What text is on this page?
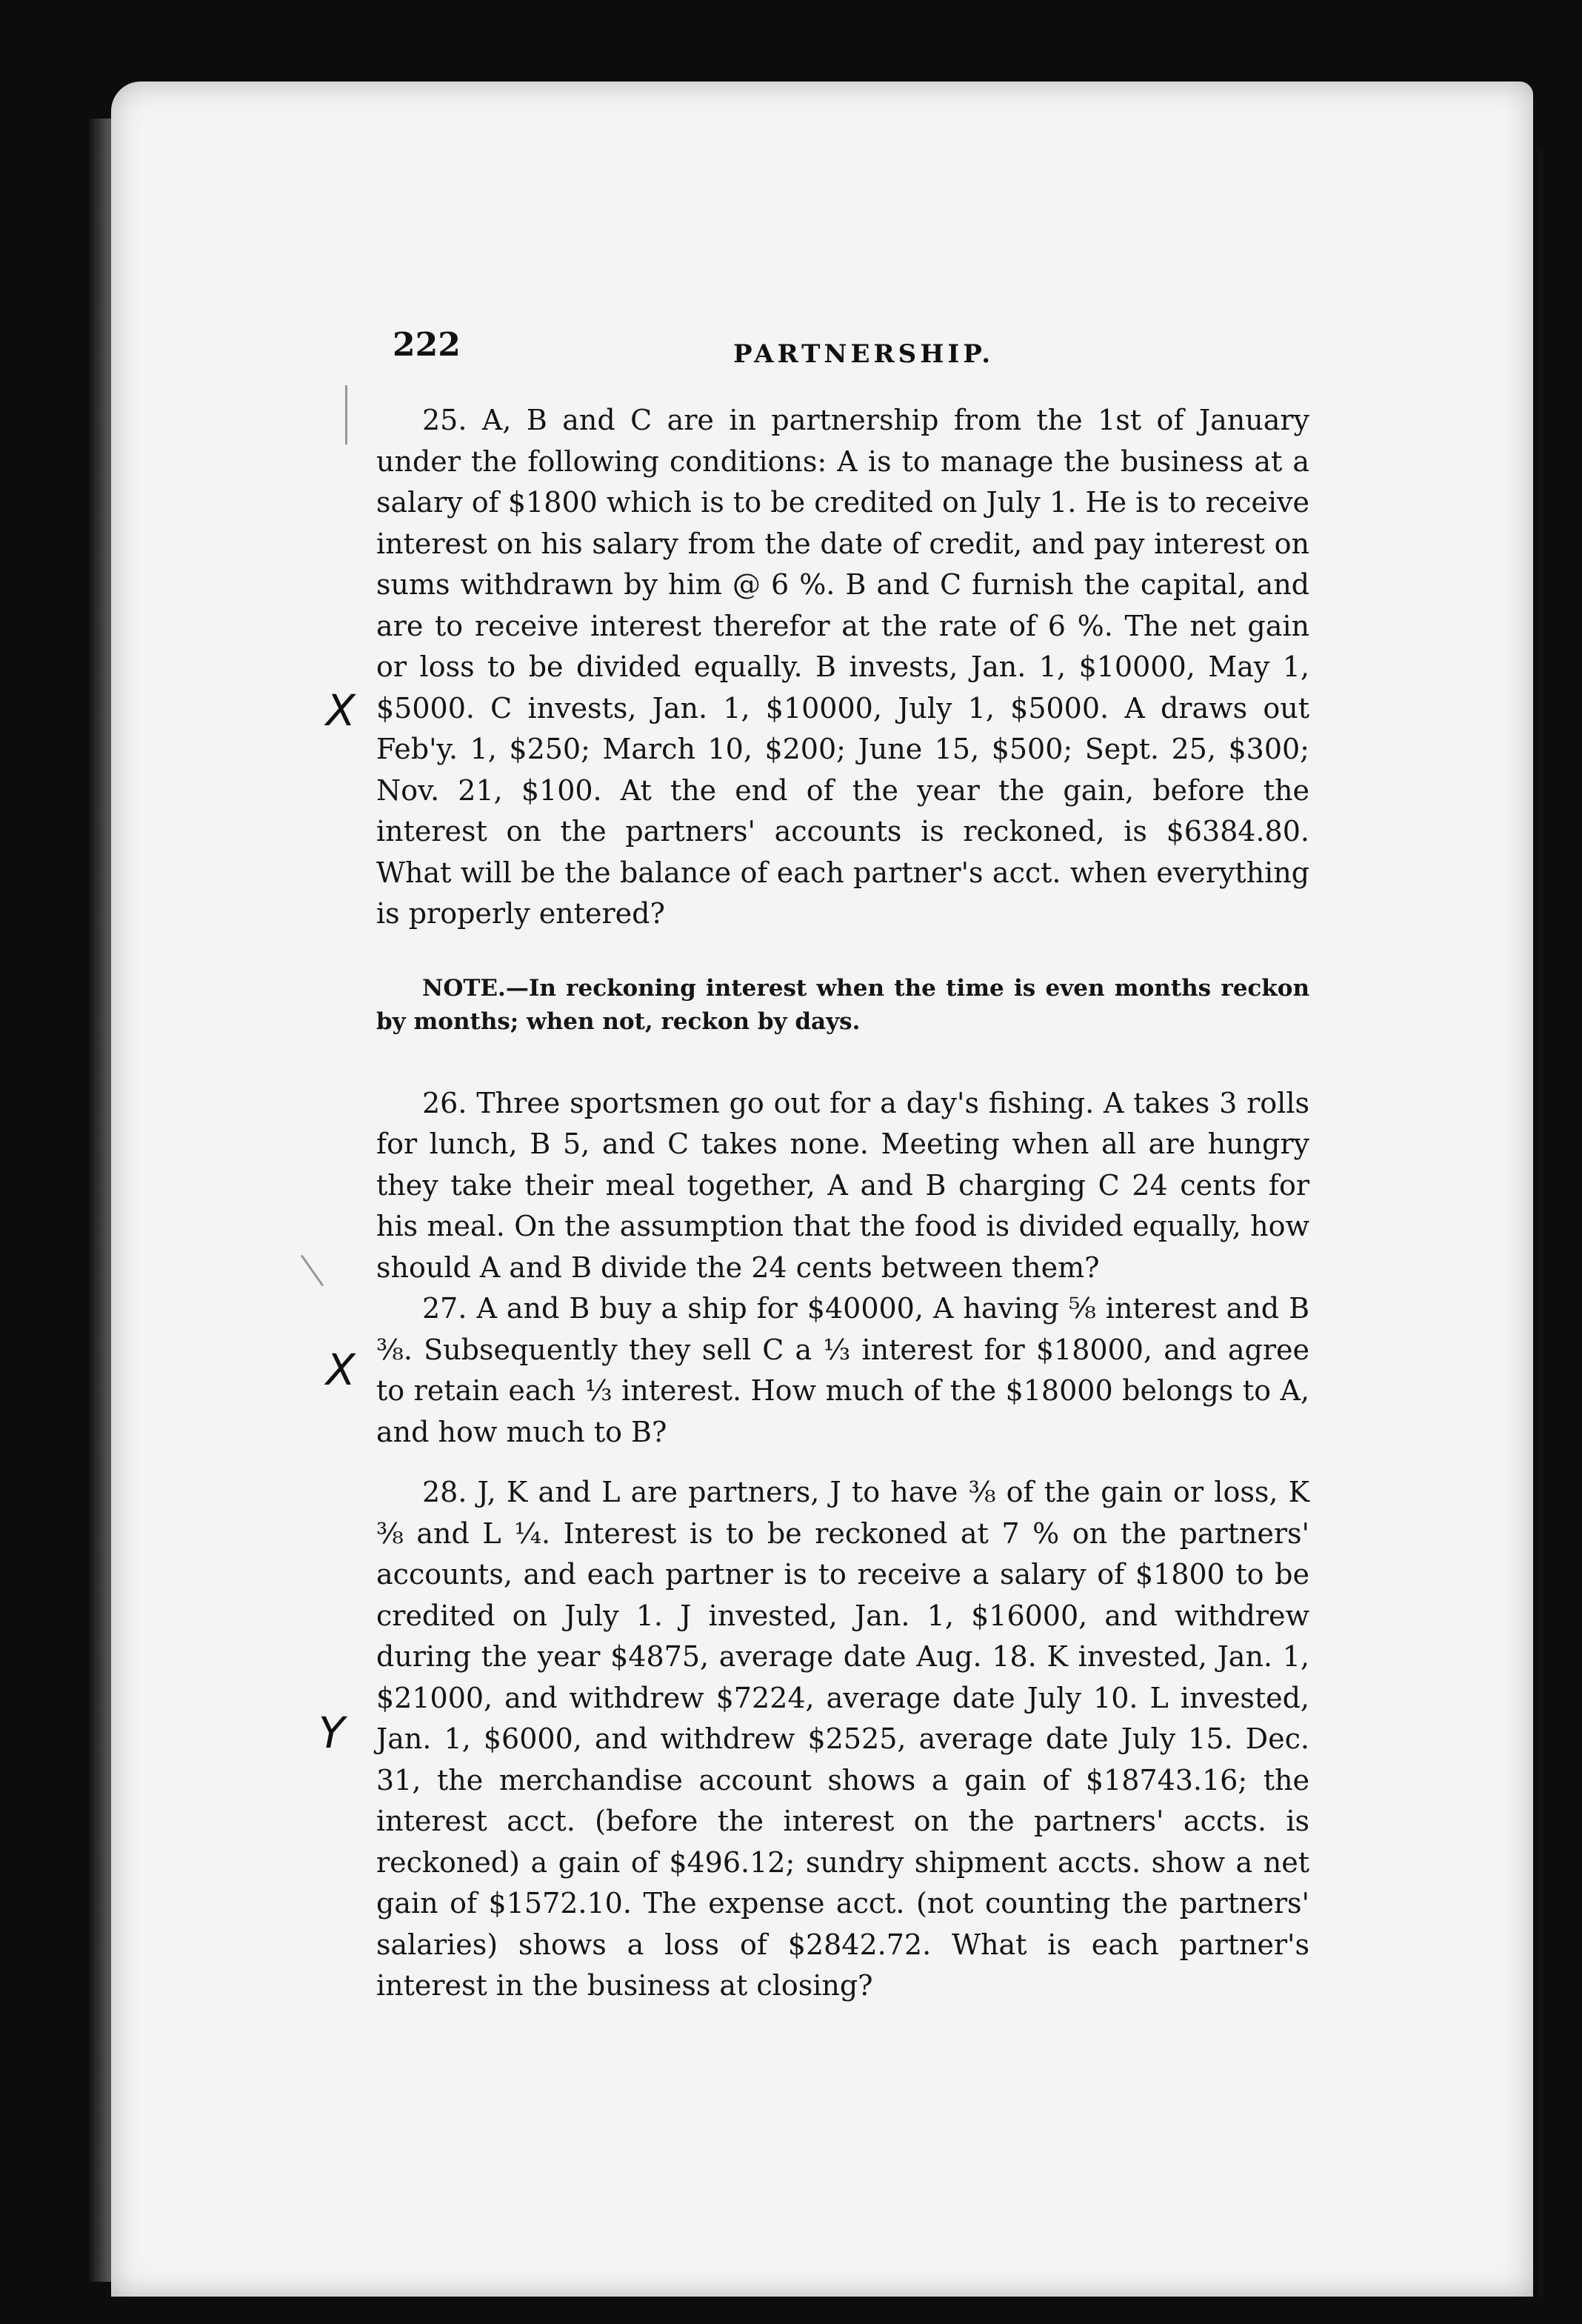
222	PARTNERSHIP.
X
X
Y

25. A, B and C are in partnership from the 1st of January under the following conditions: A is to manage the business at a salary of $1800 which is to be credited on July 1. He is to receive interest on his salary from the date of credit, and pay interest on sums withdrawn by him @ 6 %. B and C furnish the capital, and are to receive interest therefor at the rate of 6 %. The net gain or loss to be divided equally. B invests, Jan. 1, $10000, May 1, $5000. C invests, Jan. 1, $10000, July 1, $5000. A draws out Feb'y. 1, $250; March 10, $200; June 15, $500; Sept. 25, $300; Nov. 21, $100. At the end of the year the gain, before the interest on the partners' accounts is reckoned, is $6384.80. What will be the balance of each partner's acct. when everything is properly entered?

NOTE.—In reckoning interest when the time is even months reckon by months; when not, reckon by days.

26. Three sportsmen go out for a day's fishing. A takes 3 rolls for lunch, B 5, and C takes none. Meeting when all are hungry they take their meal together, A and B charging C 24 cents for his meal. On the assumption that the food is divided equally, how should A and B divide the 24 cents between them?

27. A and B buy a ship for $40000, A having ⅝ interest and B ⅜. Subsequently they sell C a ⅓ interest for $18000, and agree to retain each ⅓ interest. How much of the $18000 belongs to A, and how much to B?

28. J, K and L are partners, J to have ⅜ of the gain or loss, K ⅜ and L ¼. Interest is to be reckoned at 7 % on the partners' accounts, and each partner is to receive a salary of $1800 to be credited on July 1. J invested, Jan. 1, $16000, and withdrew during the year $4875, average date Aug. 18. K invested, Jan. 1, $21000, and withdrew $7224, average date July 10. L invested, Jan. 1, $6000, and withdrew $2525, average date July 15. Dec. 31, the merchandise account shows a gain of $18743.16; the interest acct. (before the interest on the partners' accts. is reckoned) a gain of $496.12; sundry shipment accts. show a net gain of $1572.10. The expense acct. (not counting the partners' salaries) shows a loss of $2842.72. What is each partner's interest in the business at closing?
